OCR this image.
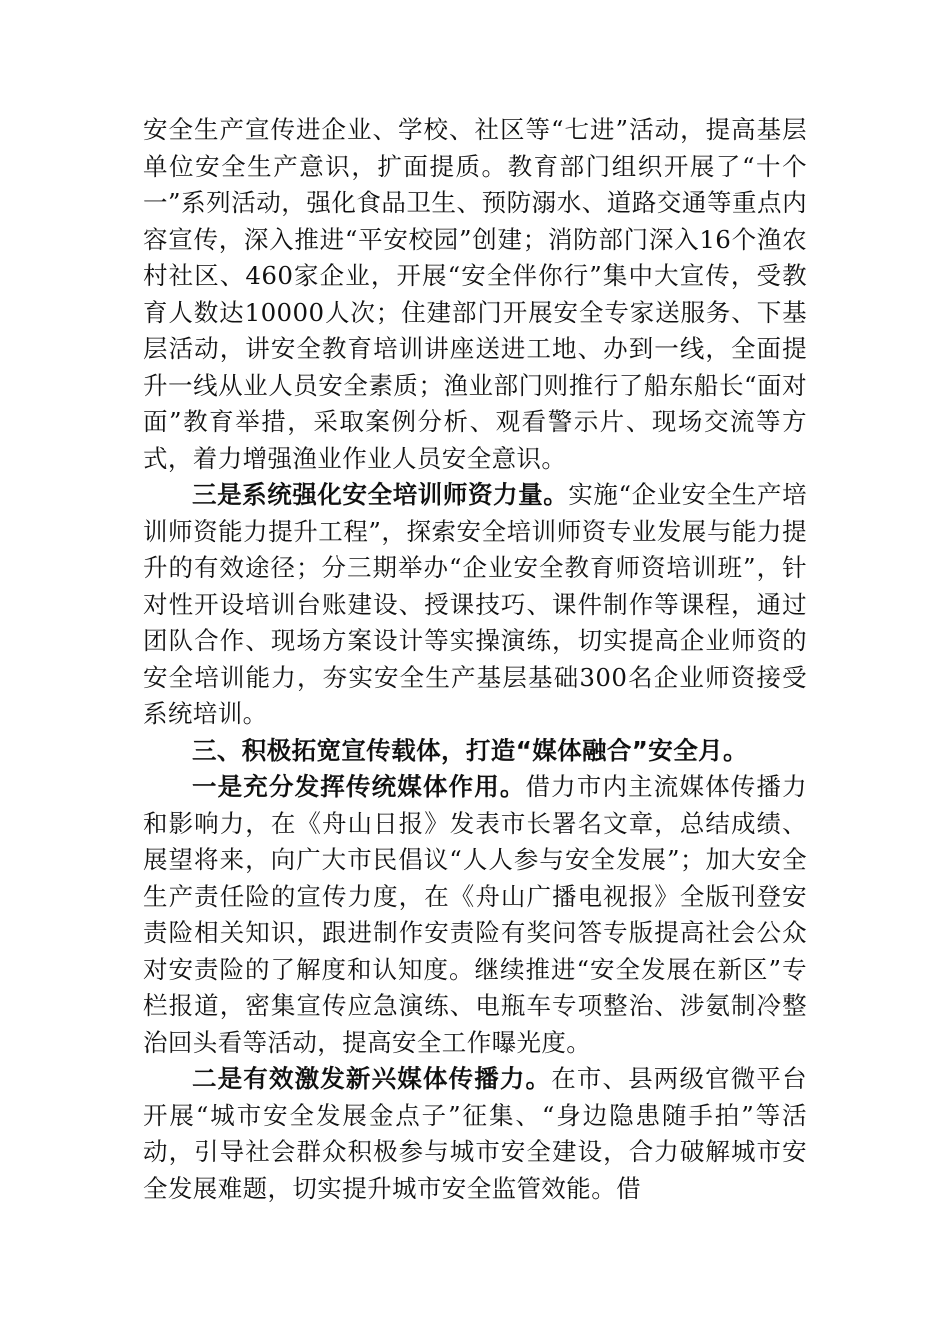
安全生产宣传进企业、学校、社区等“七进”活动，提高基层单位安全生产意识，扩面提质。教育部门组织开展了“十个一”系列活动，强化食品卫生、预防溺水、道路交通等重点内容宣传，深入推进“平安校园”创建；消防部门深入16个渔农村社区、460家企业，开展“安全伴你行”集中大宣传，受教育人数达10000人次；住建部门开展安全专家送服务、下基层活动，讲安全教育培训讲座送进工地、办到一线，全面提升一线从业人员安全素质；渔业部门则推行了船东船长“面对面”教育举措，采取案例分析、观看警示片、现场交流等方式，着力增强渔业作业人员安全意识。

三是系统强化安全培训师资力量。实施“企业安全生产培训师资能力提升工程”，探索安全培训师资专业发展与能力提升的有效途径；分三期举办“企业安全教育师资培训班”，针对性开设培训台账建设、授课技巧、课件制作等课程，通过团队合作、现场方案设计等实操演练，切实提高企业师资的安全培训能力，夯实安全生产基层基础300名企业师资接受系统培训。

三、积极拓宽宣传载体，打造“媒体融合”安全月。

一是充分发挥传统媒体作用。借力市内主流媒体传播力和影响力，在《舟山日报》发表市长署名文章，总结成绩、展望将来，向广大市民倡议“人人参与安全发展”；加大安全生产责任险的宣传力度，在《舟山广播电视报》全版刊登安责险相关知识，跟进制作安责险有奖问答专版提高社会公众对安责险的了解度和认知度。继续推进“安全发展在新区”专栏报道，密集宣传应急演练、电瓶车专项整治、涉氨制冷整治回头看等活动，提高安全工作曝光度。

二是有效激发新兴媒体传播力。在市、县两级官微平台开展“城市安全发展金点子”征集、“身边隐患随手拍”等活动，引导社会群众积极参与城市安全建设，合力破解城市安全发展难题，切实提升城市安全监管效能。借
